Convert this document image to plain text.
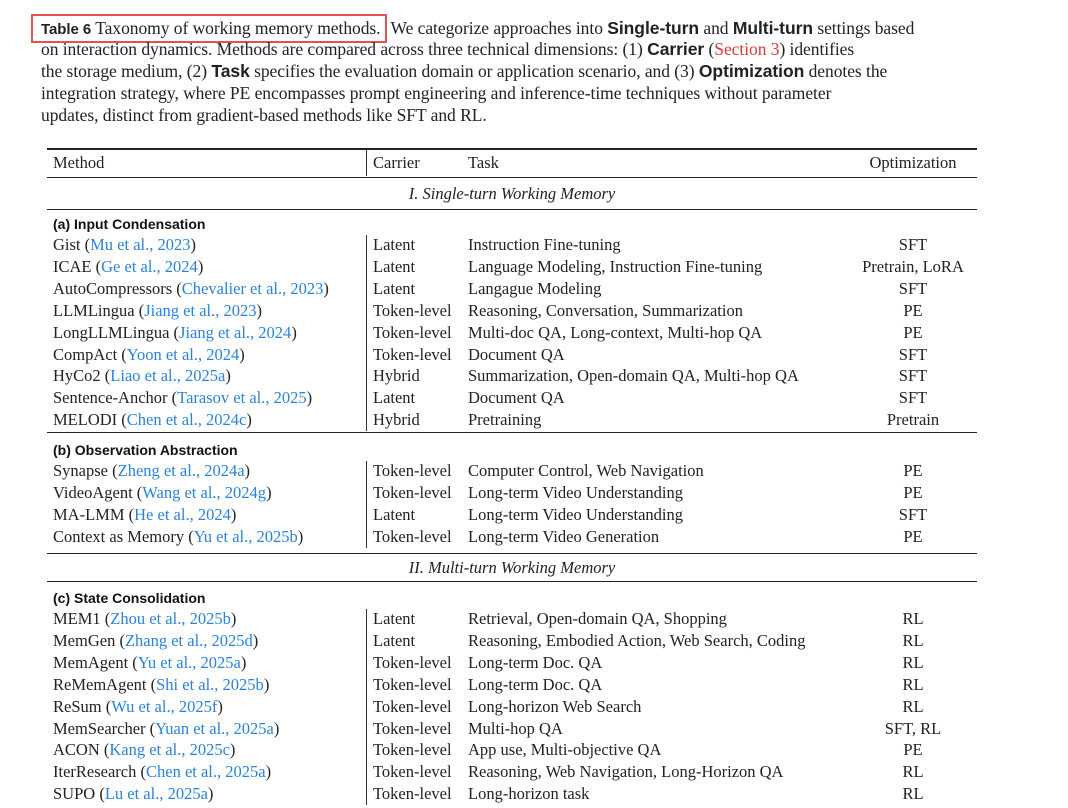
Table 6 Taxonomy of working memory methods. We categorize approaches into Single-turn and Multi-turn settings based
on interaction dynamics. Methods are compared across three technical dimensions: (1) Carrier (Section 3) identifies
the storage medium, (2) Task specifies the evaluation domain or application scenario, and (3) Optimization denotes the
integration strategy, where PE encompasses prompt engineering and inference-time techniques without parameter
updates, distinct from gradient-based methods like SFT and RL.
Method	Carrier	Task	Optimization
I. Single-turn Working Memory
(a) Input Condensation
Gist (Mu et al., 2023)	Latent	Instruction Fine-tuning	SFT
ICAE (Ge et al., 2024)	Latent	Language Modeling, Instruction Fine-tuning	Pretrain, LoRA
AutoCompressors (Chevalier et al., 2023)	Latent	Langague Modeling	SFT
LLMLingua (Jiang et al., 2023)	Token-level Reasoning, Conversation, Summarization	PE
LongLLMLingua (Jiang et al., 2024)	Token-level Multi-doc QA, Long-context, Multi-hop QA	PE
CompAct (Yoon et al., 2024)	Token-level Document QA	SFT
HyCo2 (Liao et al., 2025a)	Hybrid	Summarization, Open-domain QA, Multi-hop QA	SFT
Sentence-Anchor (Tarasov et al., 2025)	Latent	Document QA	SFT
MELODI (Chen et al., 2024c)	Hybrid	Pretraining	Pretrain
(b) Observation Abstraction
Synapse (Zheng et al., 2024a)	Token-level Computer Control, Web Navigation	PE
VideoAgent (Wang et al., 2024g)	Token-level Long-term Video Understanding	PE
MA-LMM (He et al., 2024)	Latent	Long-term Video Understanding	SFT
Context as Memory (Yu et al., 2025b)	Token-level Long-term Video Generation	PE
II. Multi-turn Working Memory
(c) State Consolidation
MEM1 (Zhou et al., 2025b)	Latent	Retrieval, Open-domain QA, Shopping	RL
MemGen (Zhang et al., 2025d)	Latent	Reasoning, Embodied Action, Web Search, Coding	RL
MemAgent (Yu et al., 2025a)	Token-level Long-term Doc. QA	RL
ReMemAgent (Shi et al., 2025b)	Token-level Long-term Doc. QA	RL
ReSum (Wu et al., 2025f)	Token-level Long-horizon Web Search	RL
MemSearcher (Yuan et al., 2025a)	Token-level Multi-hop QA	SFT, RL
ACON (Kang et al., 2025c)	Token-level App use, Multi-objective QA	PE
IterResearch (Chen et al., 2025a)	Token-level Reasoning, Web Navigation, Long-Horizon QA	RL
SUPO (Lu et al., 2025a)	Token-level Long-horizon task	RL
